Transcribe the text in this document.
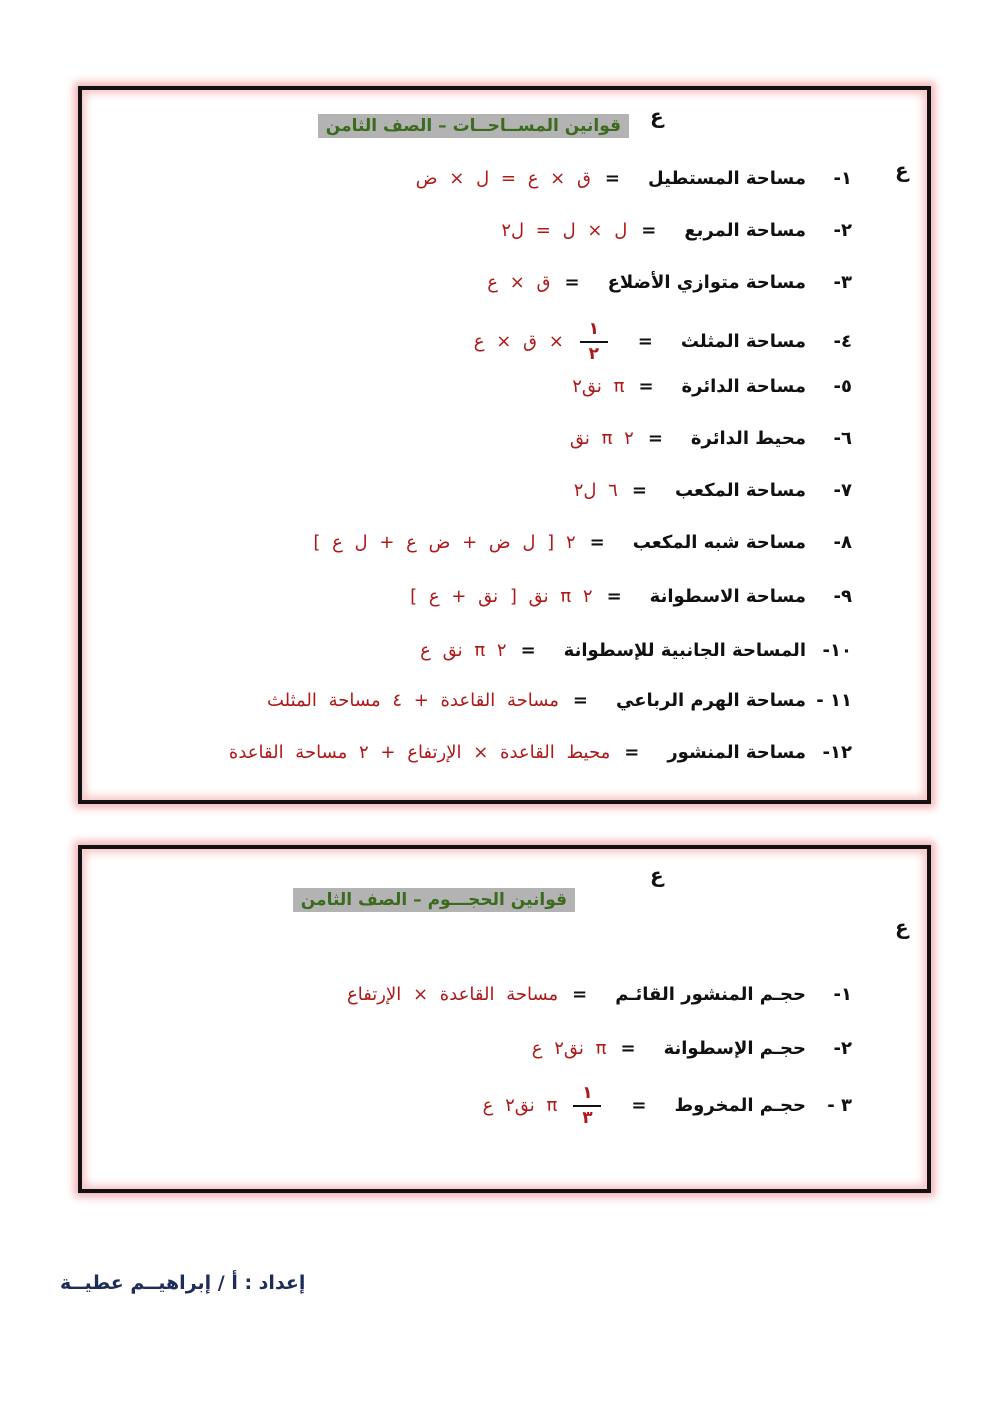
ع
ع
قوانين المســاحــات – الصف الثامن
١-
مساحة المستطيل
=
ق × ع = ل × ض
٢-
مساحة المربع
=
ل × ل = ل٢
٣-
مساحة متوازي الأضلاع
=
ق × ع
٤-
مساحة المثلث
=
$\frac{١}{٢}$
× ق × ع
٥-
مساحة الدائرة
=
π نق٢
٦-
محيط الدائرة
=
٢ π نق
٧-
مساحة المكعب
=
٦ ل٢
٨-
مساحة شبه المكعب
=
٢ [ ل ض + ض ع + ل ع ]
٩-
مساحة الاسطوانة
=
٢ π نق [ نق + ع ]
١٠-
المساحة الجانبية للإسطوانة
=
٢ π نق ع
١١ -
مساحة الهرم الرباعي
=
مساحة القاعدة + ٤ مساحة المثلث
١٢-
مساحة المنشور
=
محيط القاعدة × الإرتفاع + ٢ مساحة القاعدة
ع
ع
قوانين الحجـــوم – الصف الثامن
١-
حجـم المنشور القائـم
=
مساحة القاعدة × الإرتفاع
٢-
حجـم الإسطوانة
=
π نق٢ ع
٣ -
حجـم المخروط
=
$\frac{١}{٣}$
π نق٢ ع
إعداد : أ / إبراهيــم عطيــة
